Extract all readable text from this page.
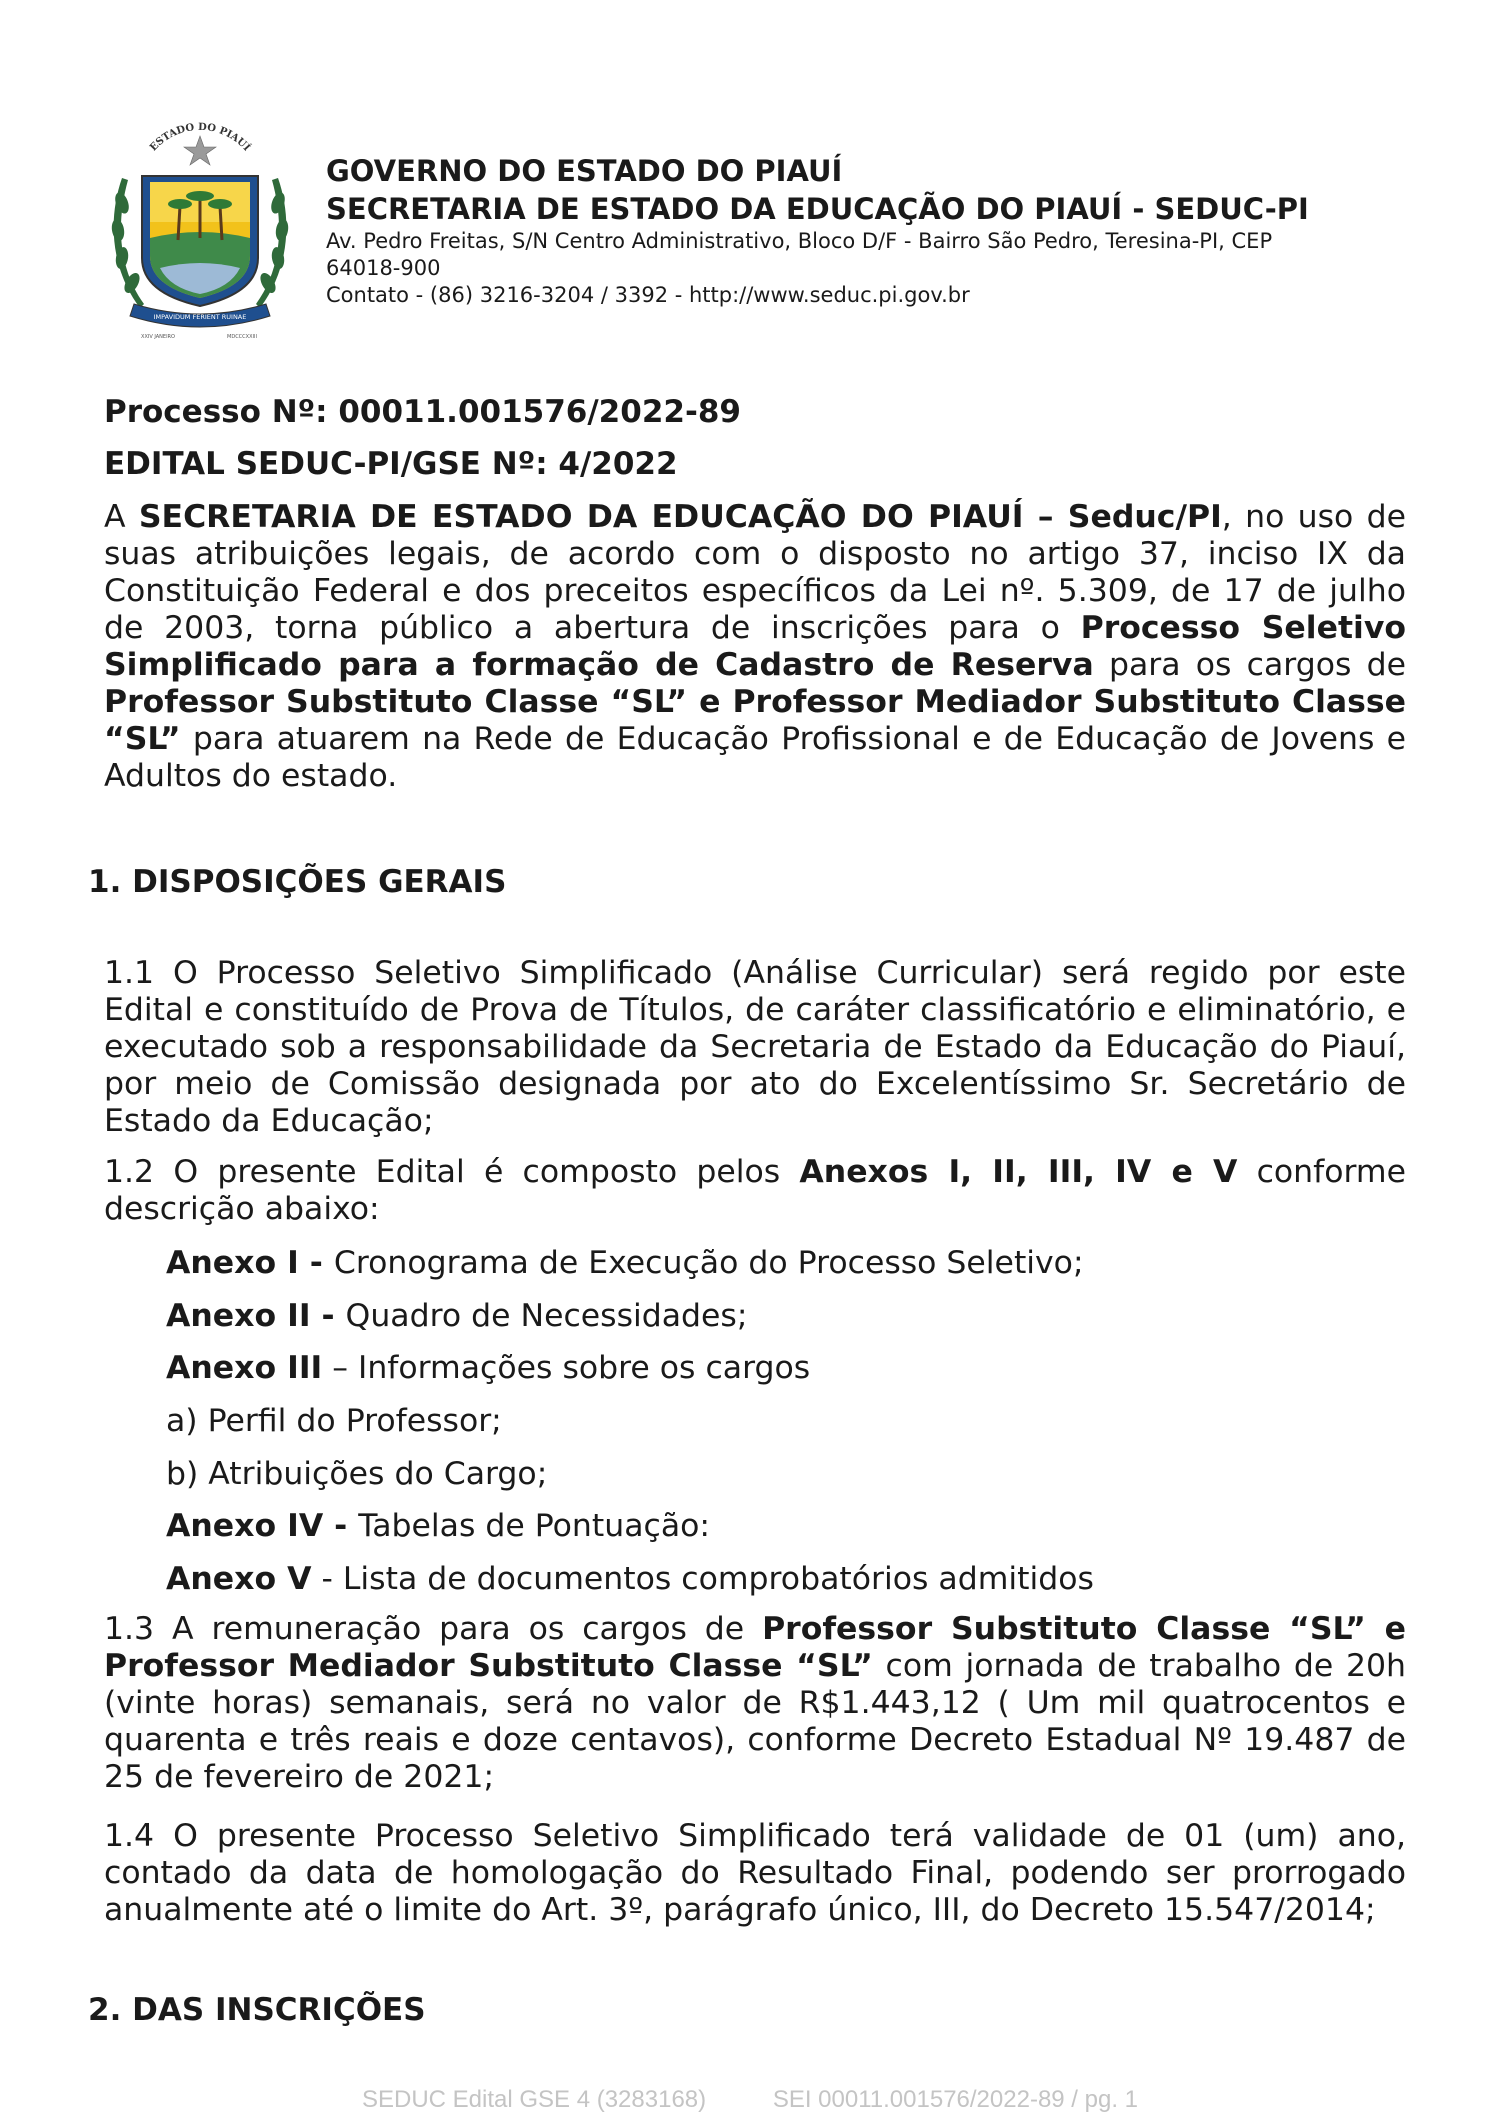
ESTADO DO PIAUÍ
IMPAVIDUM FERIENT RUINAE
XXIV JANEIRO	MDCCCXXIII
GOVERNO DO ESTADO DO PIAUÍ
SECRETARIA DE ESTADO DA EDUCAÇÃO DO PIAUÍ - SEDUC-PI
Av. Pedro Freitas, S/N Centro Administrativo, Bloco D/F - Bairro São Pedro, Teresina-PI, CEP
64018-900
Contato - (86) 3216-3204 / 3392 - http://www.seduc.pi.gov.br
Processo Nº: 00011.001576/2022-89
EDITAL SEDUC-PI/GSE Nº: 4/2022
A SECRETARIA DE ESTADO DA EDUCAÇÃO DO PIAUÍ – Seduc/PI, no uso de suas atribuições legais, de acordo com o disposto no artigo 37, inciso IX da Constituição Federal e dos preceitos específicos da Lei nº. 5.309, de 17 de julho de 2003, torna público a abertura de inscrições para o Processo Seletivo Simplificado para a formação de Cadastro de Reserva para os cargos de Professor Substituto Classe “SL” e Professor Mediador Substituto Classe “SL” para atuarem na Rede de Educação Profissional e de Educação de Jovens e Adultos do estado.
1. DISPOSIÇÕES GERAIS
1.1 O Processo Seletivo Simplificado (Análise Curricular) será regido por este Edital e constituído de Prova de Títulos, de caráter classificatório e eliminatório, e executado sob a responsabilidade da Secretaria de Estado da Educação do Piauí, por meio de Comissão designada por ato do Excelentíssimo Sr. Secretário de Estado da Educação;
1.2 O presente Edital é composto pelos Anexos I, II, III, IV e V conforme descrição abaixo:
Anexo I - Cronograma de Execução do Processo Seletivo;
Anexo II - Quadro de Necessidades;
Anexo III – Informações sobre os cargos
a) Perfil do Professor;
b) Atribuições do Cargo;
Anexo IV - Tabelas de Pontuação:
Anexo V - Lista de documentos comprobatórios admitidos
1.3 A remuneração para os cargos de Professor Substituto Classe “SL” e Professor Mediador Substituto Classe “SL” com jornada de trabalho de 20h (vinte horas) semanais, será no valor de R$1.443,12 ( Um mil quatrocentos e quarenta e três reais e doze centavos), conforme Decreto Estadual Nº 19.487 de 25 de fevereiro de 2021;
1.4 O presente Processo Seletivo Simplificado terá validade de 01 (um) ano, contado da data de homologação do Resultado Final, podendo ser prorrogado anualmente até o limite do Art. 3º, parágrafo único, III, do Decreto 15.547/2014;
2. DAS INSCRIÇÕES
SEDUC Edital GSE 4 (3283168)	SEI 00011.001576/2022-89 / pg. 1
